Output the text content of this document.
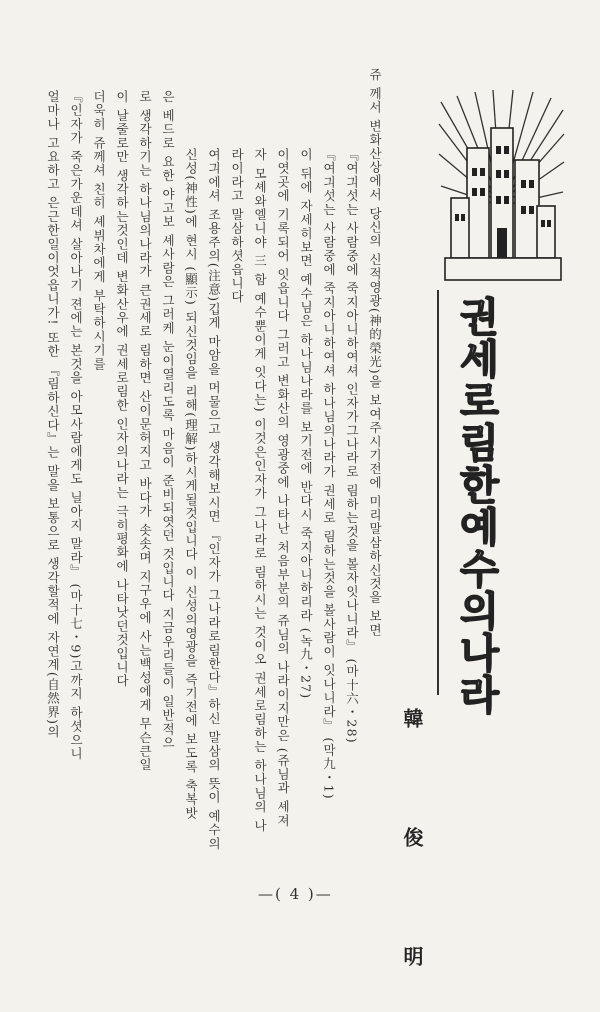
권세로림한예수의나라
韓 俊 明
쥬 께서 변화산상에서 당신의 신적영광(神的榮光)을 보여주시기전에 미리말삼하신것을 보면
『여긔섯는 사람중에 죽지아니하여셔 인자가그나라로 림하는것을 볼자잇나니라』 (마十六・28)
『여긔섯는 사람중에 죽지아니하여셔 하나님의나라가 권세로 림하는것을 볼사람이 잇나니라』 (막九・1)
이 뒤에 자세히보면 예수님은 하나님나라를 보기전에 반다시 죽지아니하리라 (녹九・27)
이엿곳에 기록되어 잇읍니다 그러고 변화산의 영광중에 나타난 처음부분의 쥬님의 나라이지만은 (쥬님과 셰져
자 모셰와엘니야 三 함 예수뿐이게 잇다는) 이것은인자가 그나라로 림하시는 것이오 권세로림하는 하나님의 나
라이라고 말삼하셧읍니다
여긔에셔 조용주의(注意)깁게 마암을 머물으고 생각해보시면 『인자가 그나라로림한다』하신 말삼의 뜻이 예수의
신성(神性)에 현시 (顯示) 되신것임을 리해(理解)하시게될것입니다 이 신성의영광을 즉기전에 보도록 축복밧
은 베드로 요한 야고보 셰사람은 그러케 눈이열리도록 마음이 준비되엿던 것입니다 지금우리들이 일반적으
로 생각하기는 하나님의나라가 큰권세로 림하면 산이문허지고 바다가 솟솟며 지구우에 사는백성에게 무슨큰일
이 날줄로만 생각하는것인데 변화산우에 권세로림한 인자의나라는 극히평화에 나타낫던것입니다
더욱히 쥬께셔 친히 셰뷔차에게 부탁하시기를
『인자가 죽은가운데셔 살아나기 젼에는 본것을 아모사람에게도 닐아지 말라』 (마十七・9)고까지 하셧으니
얼마나 고요하고 은근한일이엇읍니가! 또한 『림하신다』는 말을 보통으로 생각할적에 자연계(自然界)의
—( 4 )—
